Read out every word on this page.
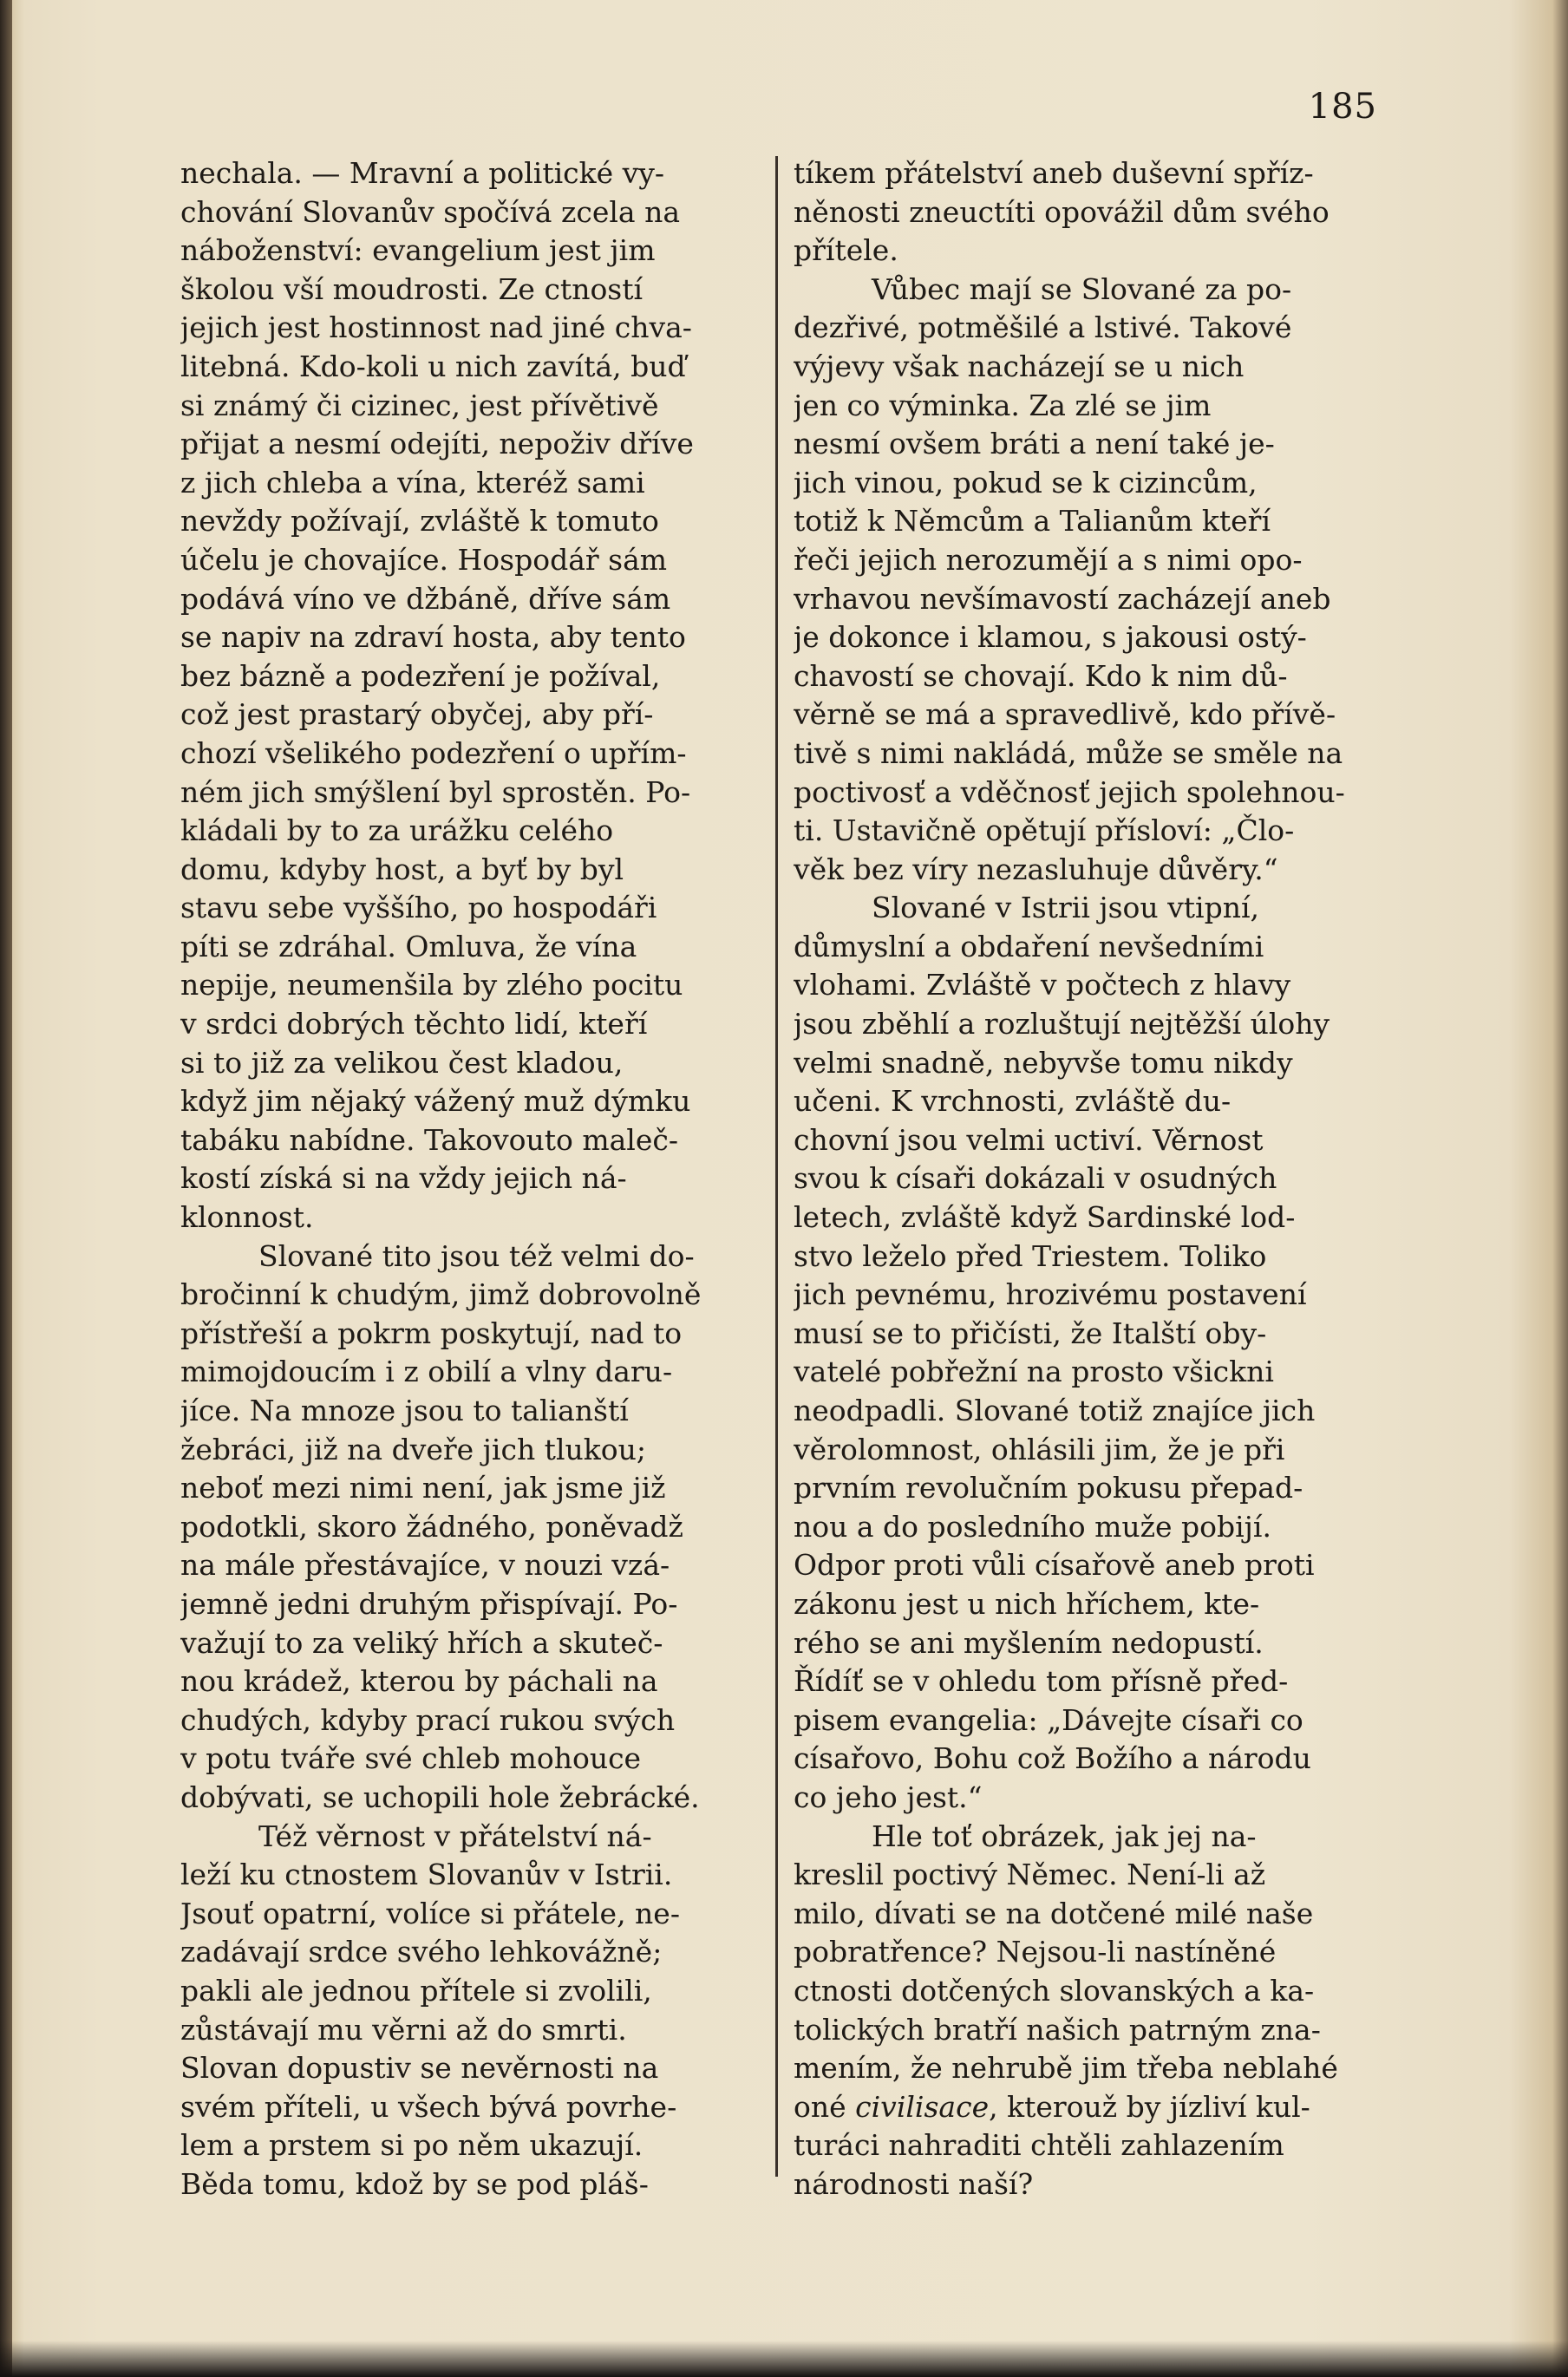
185
nechala. — Mravní a politické vy-
chování Slovanův spočívá zcela na
náboženství: evangelium jest jim
školou vší moudrosti. Ze ctností
jejich jest hostinnost nad jiné chva-
litebná. Kdo-koli u nich zavítá, buď
si známý či cizinec, jest přívětivě
přijat a nesmí odejíti, nepoživ dříve
z jich chleba a vína, kteréž sami
nevždy požívají, zvláště k tomuto
účelu je chovajíce. Hospodář sám
podává víno ve džbáně, dříve sám
se napiv na zdraví hosta, aby tento
bez bázně a podezření je požíval,
což jest prastarý obyčej, aby pří-
chozí všelikého podezření o upřím-
ném jich smýšlení byl sprostěn. Po-
kládali by to za urážku celého
domu, kdyby host, a byť by byl
stavu sebe vyššího, po hospodáři
píti se zdráhal. Omluva, že vína
nepije, neumenšila by zlého pocitu
v srdci dobrých těchto lidí, kteří
si to již za velikou čest kladou,
když jim nějaký vážený muž dýmku
tabáku nabídne. Takovouto maleč-
kostí získá si na vždy jejich ná-
klonnost.
Slované tito jsou též velmi do-
bročinní k chudým, jimž dobrovolně
přístřeší a pokrm poskytují, nad to
mimojdoucím i z obilí a vlny daru-
jíce. Na mnoze jsou to talianští
žebráci, již na dveře jich tlukou;
neboť mezi nimi není, jak jsme již
podotkli, skoro žádného, poněvadž
na mále přestávajíce, v nouzi vzá-
jemně jedni druhým přispívají. Po-
važují to za veliký hřích a skuteč-
nou krádež, kterou by páchali na
chudých, kdyby prací rukou svých
v potu tváře své chleb mohouce
dobývati, se uchopili hole žebrácké.
Též věrnost v přátelství ná-
leží ku ctnostem Slovanův v Istrii.
Jsouť opatrní, volíce si přátele, ne-
zadávají srdce svého lehkovážně;
pakli ale jednou přítele si zvolili,
zůstávají mu věrni až do smrti.
Slovan dopustiv se nevěrnosti na
svém příteli, u všech bývá povrhe-
lem a prstem si po něm ukazují.
Běda tomu, kdož by se pod pláš-
tíkem přátelství aneb duševní spříz-
něnosti zneuctíti opovážil dům svého
přítele.
Vůbec mají se Slované za po-
dezřivé, potměšilé a lstivé. Takové
výjevy však nacházejí se u nich
jen co výminka. Za zlé se jim
nesmí ovšem bráti a není také je-
jich vinou, pokud se k cizincům,
totiž k Němcům a Talianům kteří
řeči jejich nerozumějí a s nimi opo-
vrhavou nevšímavostí zacházejí aneb
je dokonce i klamou, s jakousi ostý-
chavostí se chovají. Kdo k nim dů-
věrně se má a spravedlivě, kdo přívě-
tivě s nimi nakládá, může se směle na
poctivosť a vděčnosť jejich spolehnou-
ti. Ustavičně opětují přísloví: „Člo-
věk bez víry nezasluhuje důvěry.“
Slované v Istrii jsou vtipní,
důmyslní a obdaření nevšedními
vlohami. Zvláště v počtech z hlavy
jsou zběhlí a rozluštují nejtěžší úlohy
velmi snadně, nebyvše tomu nikdy
učeni. K vrchnosti, zvláště du-
chovní jsou velmi uctiví. Věrnost
svou k císaři dokázali v osudných
letech, zvláště když Sardinské lod-
stvo leželo před Triestem. Toliko
jich pevnému, hrozivému postavení
musí se to přičísti, že Italští oby-
vatelé pobřežní na prosto všickni
neodpadli. Slované totiž znajíce jich
věrolomnost, ohlásili jim, že je při
prvním revolučním pokusu přepad-
nou a do posledního muže pobijí.
Odpor proti vůli císařově aneb proti
zákonu jest u nich hříchem, kte-
rého se ani myšlením nedopustí.
Řídíť se v ohledu tom přísně před-
pisem evangelia: „Dávejte císaři co
císařovo, Bohu což Božího a národu
co jeho jest.“
Hle toť obrázek, jak jej na-
kreslil poctivý Němec. Není-li až
milo, dívati se na dotčené milé naše
pobratřence? Nejsou-li nastíněné
ctnosti dotčených slovanských a ka-
tolických bratří našich patrným zna-
mením, že nehrubě jim třeba neblahé
oné civilisace, kterouž by jízliví kul-
turáci nahraditi chtěli zahlazením
národnosti naší?
